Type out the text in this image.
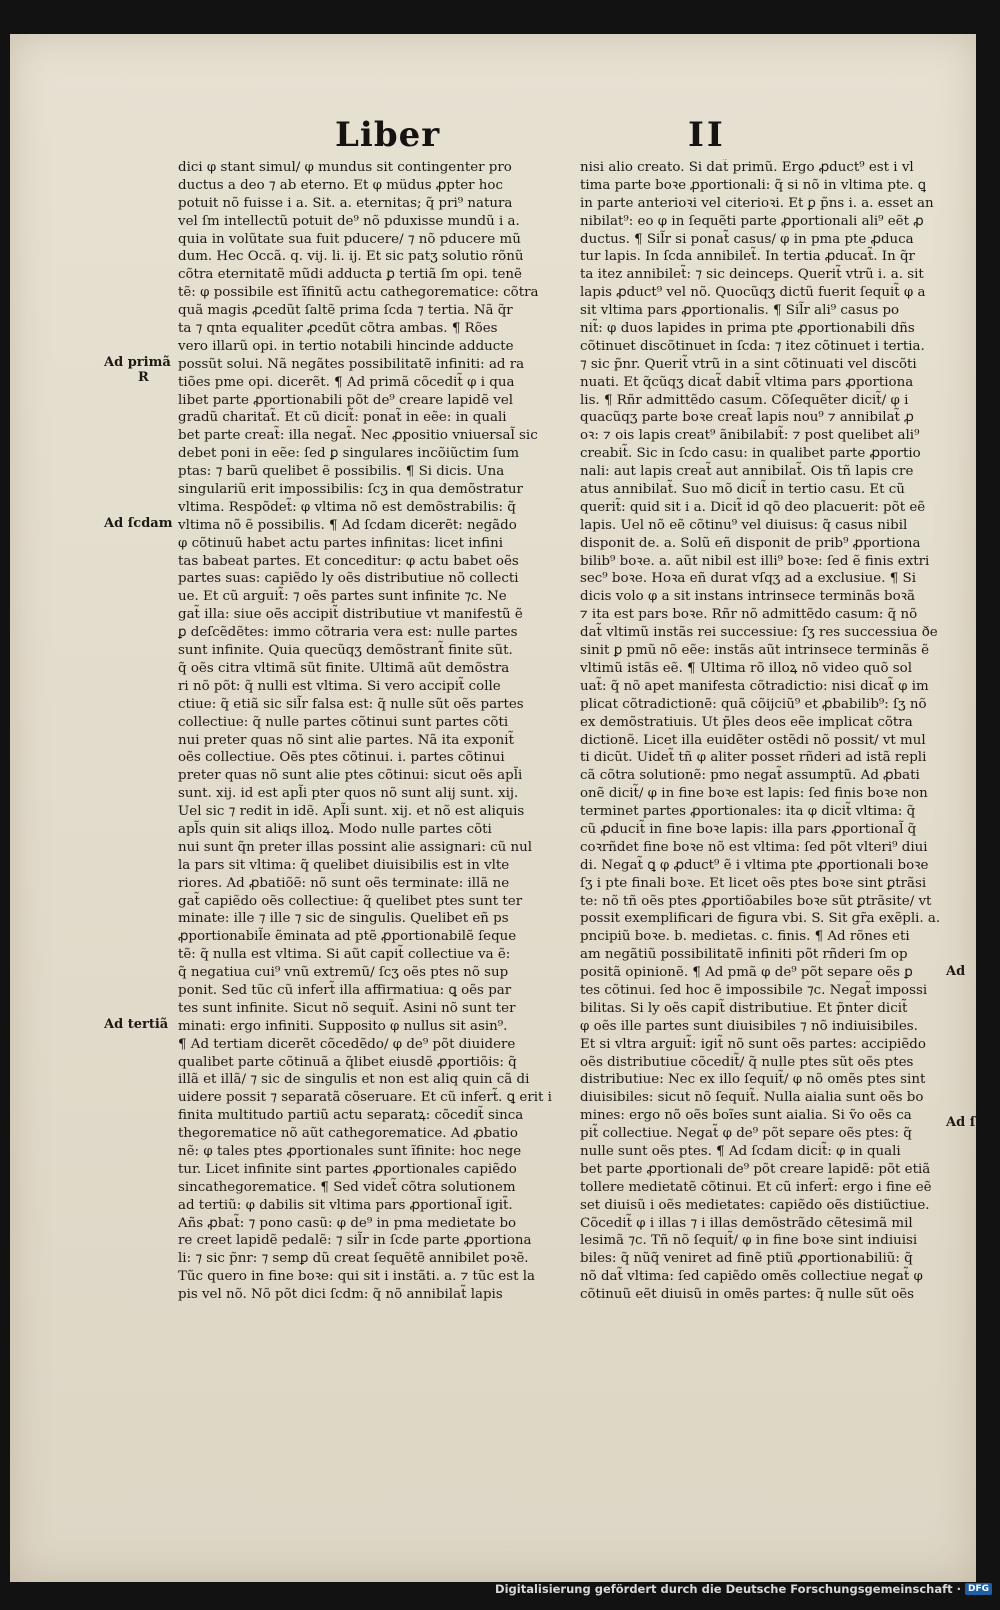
Liber	II
dici φ stant simul/ φ mundus sit contingenter pro
ductus a deo ⁊ ab eterno. Et φ müdus ꝓpter hoc
potuit nõ fuisse i a. Sit. a. eternitas; q̃ pri⁹ natura
vel ſm intellectũ potuit de⁹ nõ pduxisse mundũ i a.
quia in volũtate sua fuit pducere/ ⁊ nõ pducere mũ
dum. Hec Occã. q. vij. li. ij. Et sic patʒ solutio rõnũ
cõtra eternitatẽ mũdi adducta ꝑ tertiã ſm opi. tenẽ
tẽ: φ possibile est ĩfinitũ actu cathegorematice: cõtra
quã magis ꝓcedũt ſaltẽ prima ſcda ⁊ tertia. Nã q̃r
ta ⁊ qnta equaliter ꝓcedũt cõtra ambas. ¶ Rões
vero illarũ opi. in tertio notabili hincinde adducte
possũt solui. Nã negãtes possibilitatẽ infiniti: ad ra
tiões pme opi. dicerẽt. ¶ Ad primã cõcedit̃ φ i qua
libet parte ꝓportionabili põt de⁹ creare lapidẽ vel
gradũ charitat̃. Et cũ dicit̃: ponat̃ in eẽe: in quali
bet parte creat̃: illa negat̃. Nec ꝓpositio vniuersal̃ sic
debet poni in eẽe: ſed ꝑ singulares incõiũctim ſum
ptas: ⁊ barũ quelibet ẽ possibilis. ¶ Si dicis. Una
singulariũ erit impossibilis: ſcʒ in qua demõstratur
vltima. Respõdet̃: φ vltima nõ est demõstrabilis: q̃
vltima nõ ẽ possibilis. ¶ Ad ſcdam dicerẽt: negãdo
φ cõtinuũ habet actu partes infinitas: licet infini
tas babeat partes. Et conceditur: φ actu babet oẽs
partes suas: capiẽdo ly oẽs distributiue nõ collecti
ue. Et cũ arguit̃: ⁊ oẽs partes sunt infinite ⁊c. Ne
gat̃ illa: siue oẽs accipit̃ distributiue vt manifestũ ẽ
ꝑ deſcẽdẽtes: immo cõtraria vera est: nulle partes
sunt infinite. Quia quecũqʒ demõstrant̃ finite sũt.
q̃ oẽs citra vltimã sũt finite. Ultimã aũt demõstra
ri nõ põt: q̃ nulli est vltima. Si vero accipit̃ colle
ctiue: q̃ etiã sic sil̃r falsa est: q̃ nulle sũt oẽs partes
collectiue: q̃ nulle partes cõtinui sunt partes cõti
nui preter quas nõ sint alie partes. Nã ita exponit̃
oẽs collectiue. Oẽs ptes cõtinui. i. partes cõtinui
preter quas nõ sunt alie ptes cõtinui: sicut oẽs apl̃i
sunt. xij. id est apl̃i pter quos nõ sunt alij sunt. xij.
Uel sic ⁊ redit in idẽ. Apl̃i sunt. xij. et nõ est aliquis
apl̃s quin sit aliqs illoꝝ. Modo nulle partes cõti
nui sunt q̃n preter illas possint alie assignari: cũ nul
la pars sit vltima: q̃ quelibet diuisibilis est in vlte
riores. Ad ꝓbatiõẽ: nõ sunt oẽs terminate: illã ne
gat̃ capiẽdo oẽs collectiue: q̃ quelibet ptes sunt ter
minate: ille ⁊ ille ⁊ sic de singulis. Quelibet eñ ps
ꝓportionabil̃e ẽminata ad ptẽ ꝓportionabilẽ ſeque
tẽ: q̃ nulla est vltima. Si aũt capit̃ collectiue va ẽ:
q̃ negatiua cui⁹ vnũ extremũ/ ſcʒ oẽs ptes nõ sup
ponit. Sed tũc cũ infert̃ illa affirmatiua: ꝗ oẽs par
tes sunt infinite. Sicut nõ sequit̃. Asini nõ sunt ter
minati: ergo infiniti. Supposito φ nullus sit asin⁹.
¶ Ad tertiam dicerẽt cõcedẽdo/ φ de⁹ põt diuidere
qualibet parte cõtinuã a q̃libet eiusdẽ ꝓportiõis: q̃
illã et illã/ ⁊ sic de singulis et non est aliq quin cã di
uidere possit ⁊ separatã cõseruare. Et cũ infert̃. ꝗ erit i
finita multitudo partiũ actu separatꝝ: cõcedit̃ sinca
thegorematice nõ aũt cathegorematice. Ad ꝓbatio
nẽ: φ tales ptes ꝓportionales sunt ĩfinite: hoc nege
tur. Licet infinite sint partes ꝓportionales capiẽdo
sincathegorematice. ¶ Sed videt̃ cõtra solutionem
ad tertiũ: φ dabilis sit vltima pars ꝓportional̃ igit̃.
Añs ꝓbat̃: ⁊ pono casũ: φ de⁹ in pma medietate bo
re creet lapidẽ pedalẽ: ⁊ sil̃r in ſcde parte ꝓportiona
li: ⁊ sic p̃nr: ⁊ semꝑ dũ creat ſequẽtẽ annibilet poꝛẽ.
Tũc quero in fine boꝛe: qui sit i instãti. a. ⁊ tũc est la
pis vel nõ. Nõ põt dici ſcdm: q̃ nõ annibilat̃ lapis
nisi alio creato. Si dat̃ primũ. Ergo ꝓduct⁹ est i vl
tima parte boꝛe ꝓportionali: q̃ si nõ in vltima pte. ꝗ
in parte anterioꝛi vel citerioꝛi. Et ꝑ p̃ns i. a. esset an
nibilat⁹: eo φ in ſequẽti parte ꝓportionali ali⁹ eẽt ꝓ
ductus. ¶ Sil̃r si ponat̃ casus/ φ in pma pte ꝓduca
tur lapis. In ſcda annibilet̃. In tertia ꝓducat̃. In q̃r
ta itez annibilet̃: ⁊ sic deinceps. Querit̃ vtrũ i. a. sit
lapis ꝓduct⁹ vel nõ. Quocũqʒ dictũ fuerit ſequit̃ φ a
sit vltima pars ꝓportionalis. ¶ Sil̃r ali⁹ casus po
nit̃: φ duos lapides in prima pte ꝓportionabili dñs
cõtinuet discõtinuet in ſcda: ⁊ itez cõtinuet i tertia.
⁊ sic p̃nr. Querit̃ vtrũ in a sint cõtinuati vel discõti
nuati. Et q̃cũqʒ dicat̃ dabit̃ vltima pars ꝓportiona
lis. ¶ Rñr admittẽdo casum. Cõſequẽter dicit̃/ φ i
quacũqʒ parte boꝛe creat̃ lapis nou⁹ ⁊ annibilat̃ ꝓ
oꝛ: ⁊ ois lapis creat⁹ ãnibilabit̃: ⁊ post quelibet ali⁹
creabit̃. Sic in ſcdo casu: in qualibet parte ꝓportio
nali: aut lapis creat̃ aut annibilat̃. Ois tñ lapis cre
atus annibilat̃. Suo mõ dicit̃ in tertio casu. Et cũ
querit̃: quid sit i a. Dicit̃ id qõ deo placuerit: põt eẽ
lapis. Uel nõ eẽ cõtinu⁹ vel diuisus: q̃ casus nibil
disponit de. a. Solũ eñ disponit de prib⁹ ꝓportiona
bilib⁹ boꝛe. a. aũt nibil est illi⁹ boꝛe: ſed ẽ finis extri
sec⁹ boꝛe. Hoꝛa eñ durat vſqʒ ad a exclusiue. ¶ Si
dicis volo φ a sit instans intrinsece terminãs boꝛã
⁊ ita est pars boꝛe. Rñr nõ admittẽdo casum: q̃ nõ
dat̃ vltimũ instãs rei successiue: ſʒ res successiua ðe
sinit ꝑ pmũ nõ eẽe: instãs aũt intrinsece terminãs ẽ
vltimũ istãs eẽ. ¶ Ultima rõ illoꝝ nõ video quõ sol
uat̃: q̃ nõ apet manifesta cõtradictio: nisi dicat̃ φ im
plicat cõtradictionẽ: quã cõijciũ⁹ et ꝓbabilib⁹: ſʒ nõ
ex demõstratiuis. Ut p̃les deos eẽe implicat cõtra
dictionẽ. Licet illa euidẽter ostẽdi nõ possit/ vt mul
ti dicũt. Uidet̃ tñ φ aliter posset rñderi ad istã repli
cã cõtra solutionẽ: pmo negat̃ assumptũ. Ad ꝓbati
onẽ dicit̃/ φ in fine boꝛe est lapis: ſed finis boꝛe non
terminet partes ꝓportionales: ita φ dicit̃ vltima: q̃
cũ ꝓducit̃ in fine boꝛe lapis: illa pars ꝓportional̃ q̃
coꝛrñdet fine boꝛe nõ est vltima: ſed põt vlteri⁹ diui
di. Negat̃ ꝗ φ ꝓduct⁹ ẽ i vltima pte ꝓportionali boꝛe
ſʒ i pte finali boꝛe. Et licet oẽs ptes boꝛe sint ꝑtrãsi
te: nõ tñ oẽs ptes ꝓportiõabiles boꝛe sũt ꝑtrãsite/ vt
possit exemplificari de figura vbi. S. Sit gr̃a exẽpli. a.
pncipiũ boꝛe. b. medietas. c. finis. ¶ Ad rõnes eti
am negãtiũ possibilitatẽ infiniti põt rñderi ſm op
positã opinionẽ. ¶ Ad pmã φ de⁹ põt separe oẽs ꝑ
tes cõtinui. ſed hoc ẽ impossibile ⁊c. Negat̃ impossi
bilitas. Si ly oẽs capit̃ distributiue. Et p̃nter dicit̃
φ oẽs ille partes sunt diuisibiles ⁊ nõ indiuisibiles.
Et si vltra arguit̃: igit̃ nõ sunt oẽs partes: accipiẽdo
oẽs distributiue cõcedit̃/ q̃ nulle ptes sũt oẽs ptes
distributiue: Nec ex illo ſequit̃/ φ nõ omẽs ptes sint
diuisibiles: sicut nõ ſequit̃. Nulla aialia sunt oẽs bo
mines: ergo nõ oẽs boĩes sunt aialia. Si ṽo oẽs ca
pit̃ collectiue. Negat̃ φ de⁹ põt separe oẽs ptes: q̃
nulle sunt oẽs ptes. ¶ Ad ſcdam dicit̃: φ in quali
bet parte ꝓportionali de⁹ põt creare lapidẽ: põt etiã
tollere medietatẽ cõtinui. Et cũ infert̃: ergo i fine eẽ
set diuisũ i oẽs medietates: capiẽdo oẽs distiũctiue.
Cõcedit̃ φ i illas ⁊ i illas demõstrãdo cẽtesimã mil
lesimã ⁊c. Tñ nõ ſequit̃/ φ in fine boꝛe sint indiuisi
biles: q̃ nũq̃ veniret ad finẽ ptiũ ꝓportionabiliũ: q̃
nõ dat̃ vltima: ſed capiẽdo omẽs collectiue negat̃ φ
cõtinuũ eẽt diuisũ in omẽs partes: q̃ nulle sũt oẽs
Ad primã
R
Ad ſcdam
Ad tertiã
Ad
Ad ſ
Digitalisierung gefördert durch die Deutsche Forschungsgemeinschaft · DFG
